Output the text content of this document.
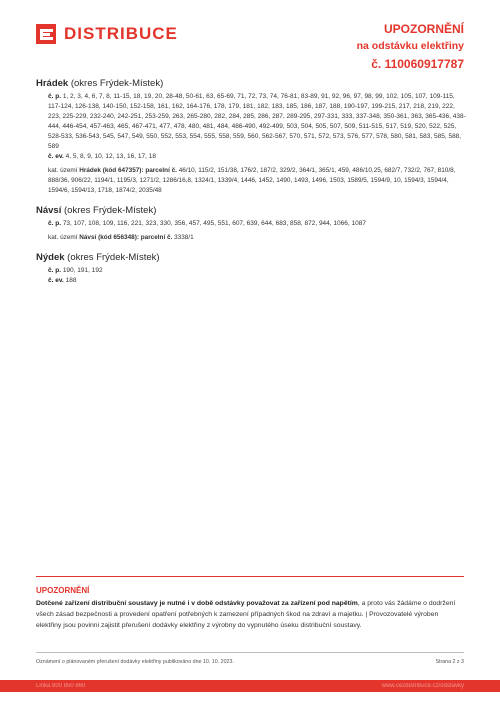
DISTRIBUCE	UPOZORNĚNÍ
na odstávku elektřiny
č. 110060917787
Hrádek (okres Frýdek-Místek)
č. p. 1, 2, 3, 4, 6, 7, 8, 11-15, 18, 19, 20, 28-48, 50-61, 63, 65-69, 71, 72, 73, 74, 76-81, 83-89, 91, 92, 96, 97, 98, 99, 102, 105, 107, 109-115, 117-124, 126-138, 140-150, 152-158, 161, 162, 164-176, 178, 179, 181, 182, 183, 185, 186, 187, 188, 190-197, 199-215, 217, 218, 219, 222, 223, 225-229, 232-240, 242-251, 253-259, 263, 265-280, 282, 284, 285, 286, 287, 289-295, 297-331, 333, 337-348, 350-361, 363, 365-436, 438-444, 446-454, 457-463, 465, 467-471, 477, 478, 480, 481, 484, 486-490, 492-499, 503, 504, 505, 507, 509, 511-515, 517, 519, 520, 522, 525, 528-533, 536-543, 545, 547, 549, 550, 552, 553, 554, 555, 558, 559, 560, 562-567, 570, 571, 572, 573, 576, 577, 578, 580, 581, 583, 585, 588, 589
č. ev. 4, 5, 8, 9, 10, 12, 13, 16, 17, 18
kat. území Hrádek (kód 647357): parcelní č. 46/10, 115/2, 151/38, 176/2, 187/2, 329/2, 364/1, 365/1, 459, 486/10,25, 682/7, 732/2, 767, 810/8, 888/36, 906/22, 1194/1, 1195/3, 1271/2, 1286/16,8, 1324/1, 1339/4, 1446, 1452, 1490, 1493, 1496, 1503, 1589/5, 1594/9, 10, 1594/3, 1594/4, 1594/6, 1594/13, 1718, 1874/2, 2035/48
Návsí (okres Frýdek-Místek)
č. p. 73, 107, 108, 109, 116, 221, 323, 330, 356, 457, 495, 551, 607, 639, 644, 683, 858, 872, 944, 1066, 1087
kat. území Návsí (kód 656348): parcelní č. 3338/1
Nýdek (okres Frýdek-Místek)
č. p. 190, 191, 192
č. ev. 188
UPOZORNĚNÍ
Dotčené zařízení distribuční soustavy je nutné i v době odstávky považovat za zařízení pod napětím, a proto vás žádáme o dodržení všech zásad bezpečnosti a provedení opatření potřebných k zamezení případných škod na zdraví a majetku. | Provozovatelé výroben elektřiny jsou povinni zajistit přerušení dodávky elektřiny z výrobny do vypnutého úseku distribuční soustavy.
Oznámení o plánovaném přerušení dodávky elektřiny publikováno dne 10. 10. 2023.	Strana 2 z 3
Linka 800 850 860	www.cezdistribuce.cz/odstavky
